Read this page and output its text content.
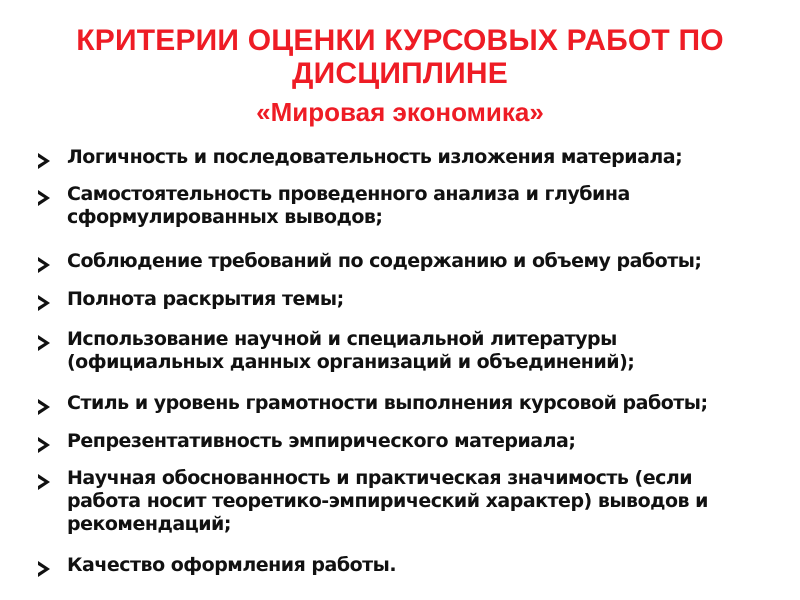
КРИТЕРИИ ОЦЕНКИ КУРСОВЫХ РАБОТ ПО
ДИСЦИПЛИНЕ
«Мировая экономика»
Логичность и последовательность изложения материала;
Самостоятельность проведенного анализа и глубина
сформулированных выводов;
Соблюдение требований по содержанию и объему работы;
Полнота раскрытия темы;
Использование научной и специальной литературы
(официальных данных организаций и объединений);
Стиль и уровень грамотности выполнения курсовой работы;
Репрезентативность эмпирического материала;
Научная обоснованность и практическая значимость (если
работа носит теоретико-эмпирический характер) выводов и
рекомендаций;
Качество оформления работы.
